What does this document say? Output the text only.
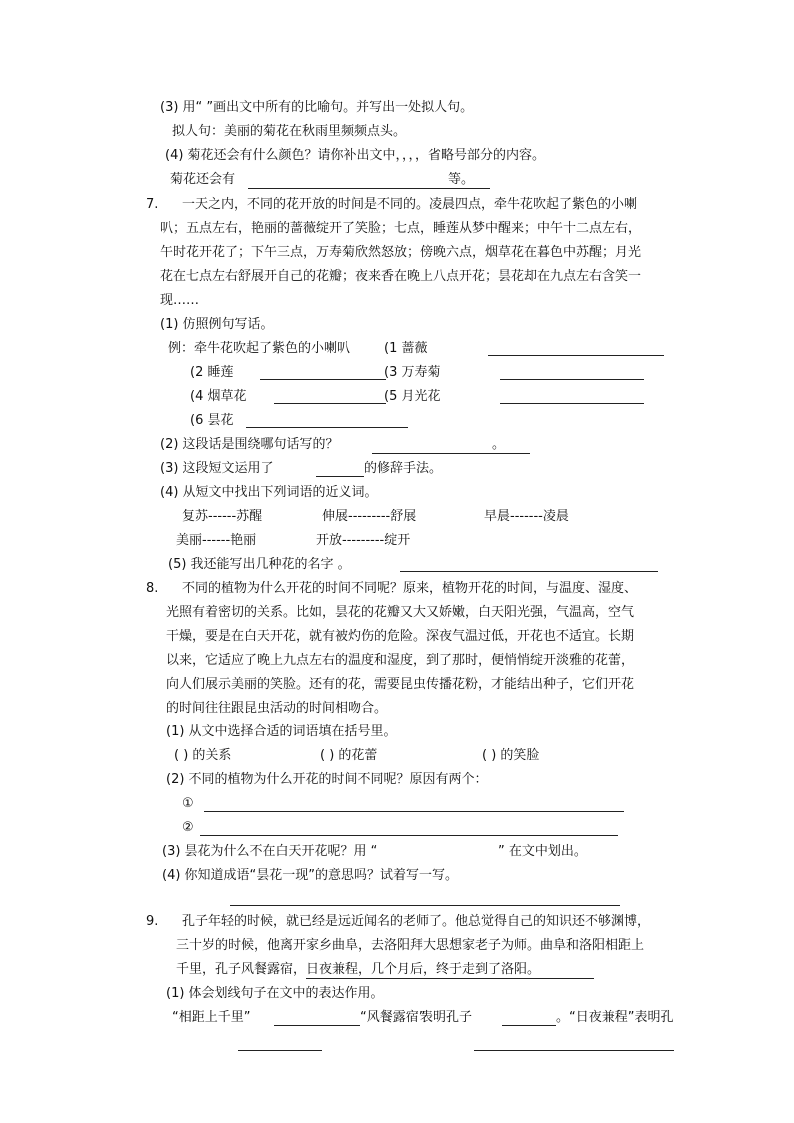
(3) 用“ ”画出文中所有的比喻句。并写出一处拟人句。
拟人句：美丽的菊花在秋雨里频频点头。
(4) 菊花还会有什么颜色？请你补出文中，，，，省略号部分的内容。
菊花还会有	等。
7. 一天之内，不同的花开放的时间是不同的。凌晨四点，牵牛花吹起了紫色的小喇
叭；五点左右，艳丽的蔷薇绽开了笑脸；七点，睡莲从梦中醒来；中午十二点左右，
午时花开花了；下午三点，万寿菊欣然怒放；傍晚六点，烟草花在暮色中苏醒；月光
花在七点左右舒展开自己的花瓣；夜来香在晚上八点开花；昙花却在九点左右含笑一
现……
(1) 仿照例句写话。
例：牵牛花吹起了紫色的小喇叭	(1 蔷薇
(2 睡莲	(3 万寿菊
(4 烟草花	(5 月光花
(6 昙花
(2) 这段话是围绕哪句话写的？	。
(3) 这段短文运用了	的修辞手法。
(4) 从短文中找出下列词语的近义词。
复苏------苏醒	伸展---------舒展	早晨-------凌晨
美丽------艳丽	开放---------绽开
(5) 我还能写出几种花的名字 。
8. 不同的植物为什么开花的时间不同呢？原来，植物开花的时间，与温度、湿度、
光照有着密切的关系。比如，昙花的花瓣又大又娇嫩，白天阳光强，气温高，空气
干燥，要是在白天开花，就有被灼伤的危险。深夜气温过低，开花也不适宜。长期
以来，它适应了晚上九点左右的温度和湿度，到了那时，便悄悄绽开淡雅的花蕾，
向人们展示美丽的笑脸。还有的花，需要昆虫传播花粉，才能结出种子，它们开花
的时间往往跟昆虫活动的时间相吻合。
(1) 从文中选择合适的词语填在括号里。
( ) 的关系	( ) 的花蕾	( ) 的笑脸
(2) 不同的植物为什么开花的时间不同呢？原因有两个：
①
②
(3) 昙花为什么不在白天开花呢？用 “	” 在文中划出。
(4) 你知道成语“昙花一现”的意思吗？试着写一写。
9. 孔子年轻的时候，就已经是远近闻名的老师了。他总觉得自己的知识还不够渊博，
三十岁的时候，他离开家乡曲阜，去洛阳拜大思想家老子为师。曲阜和洛阳相距上
千里，孔子风餐露宿，日夜兼程，几个月后，终于走到了洛阳。
(1) 体会划线句子在文中的表达作用。
“相距上千里”	“风餐露宿”
表明孔子	。“日夜兼程”表明孔
